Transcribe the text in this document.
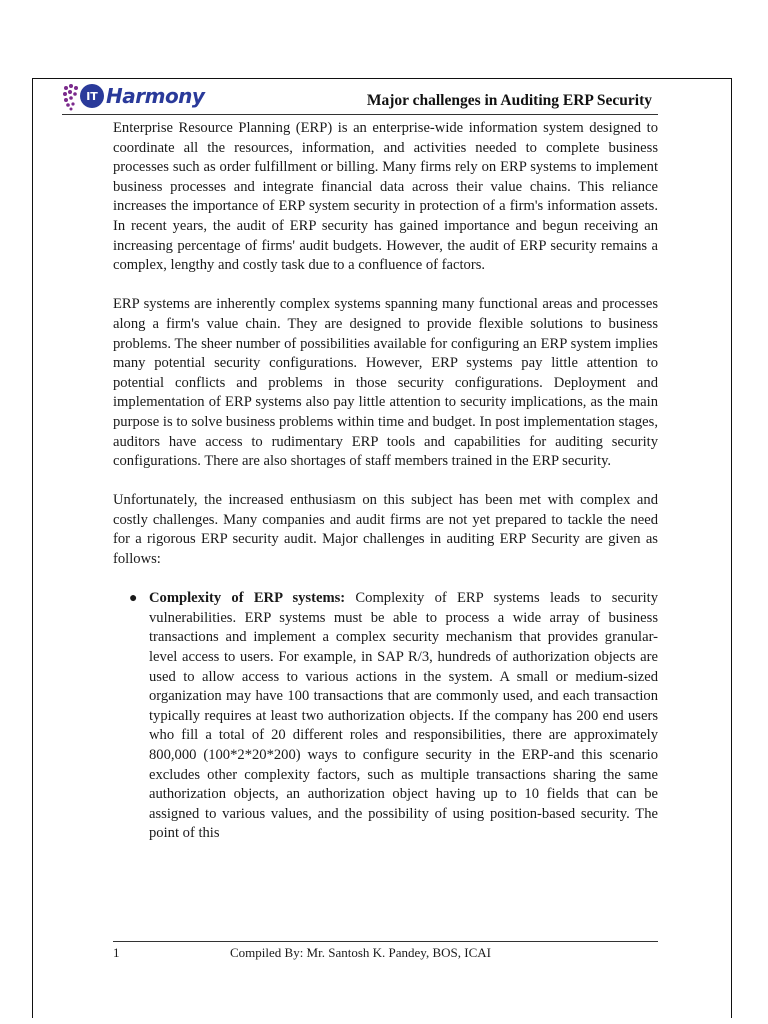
IT Harmony	Major challenges in Auditing ERP Security

Enterprise Resource Planning (ERP) is an enterprise-wide information system designed to coordinate all the resources, information, and activities needed to complete business processes such as order fulfillment or billing. Many firms rely on ERP systems to implement business processes and integrate financial data across their value chains. This reliance increases the importance of ERP system security in protection of a firm's information assets. In recent years, the audit of ERP security has gained importance and begun receiving an increasing percentage of firms' audit budgets. However, the audit of ERP security remains a complex, lengthy and costly task due to a confluence of factors.

ERP systems are inherently complex systems spanning many functional areas and processes along a firm's value chain. They are designed to provide flexible solutions to business problems. The sheer number of possibilities available for configuring an ERP system implies many potential security configurations. However, ERP systems pay little attention to potential conflicts and problems in those security configurations. Deployment and implementation of ERP systems also pay little attention to security implications, as the main purpose is to solve business problems within time and budget. In post implementation stages, auditors have access to rudimentary ERP tools and capabilities for auditing security configurations. There are also shortages of staff members trained in the ERP security.

Unfortunately, the increased enthusiasm on this subject has been met with complex and costly challenges. Many companies and audit firms are not yet prepared to tackle the need for a rigorous ERP security audit. Major challenges in auditing ERP Security are given as follows:

● Complexity of ERP systems: Complexity of ERP systems leads to security vulnerabilities. ERP systems must be able to process a wide array of business transactions and implement a complex security mechanism that provides granular-level access to users. For example, in SAP R/3, hundreds of authorization objects are used to allow access to various actions in the system. A small or medium-sized organization may have 100 transactions that are commonly used, and each transaction typically requires at least two authorization objects. If the company has 200 end users who fill a total of 20 different roles and responsibilities, there are approximately 800,000 (100*2*20*200) ways to configure security in the ERP-and this scenario excludes other complexity factors, such as multiple transactions sharing the same authorization objects, an authorization object having up to 10 fields that can be assigned to various values, and the possibility of using position-based security. The point of this
1	Compiled By: Mr. Santosh K. Pandey, BOS, ICAI
